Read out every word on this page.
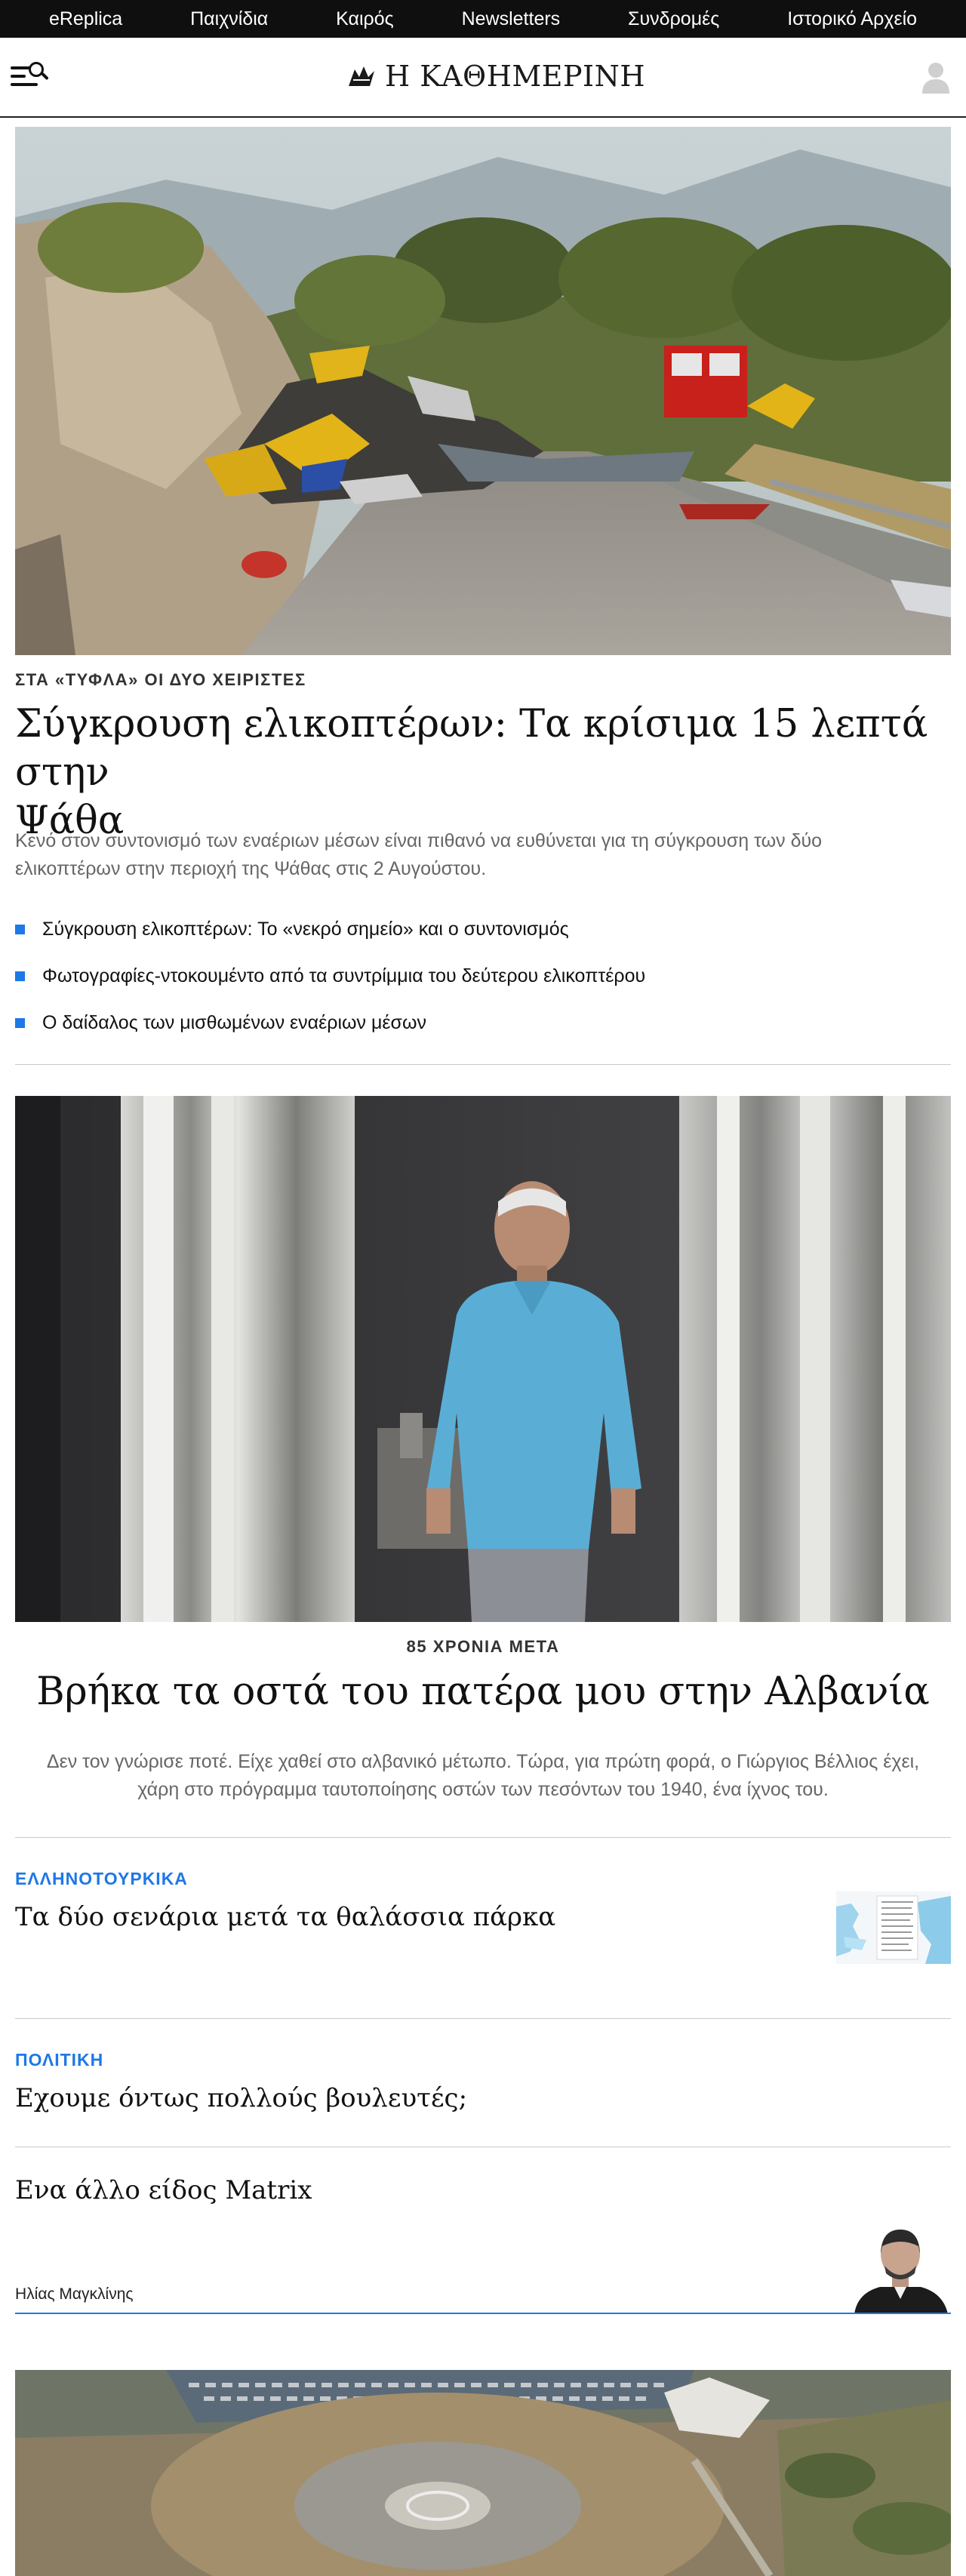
eReplica	Παιχνίδια	Καιρός	Newsletters	Συνδρομές	Ιστορικό Αρχείο
Η ΚΑΘΗΜΕΡΙΝΗ
ΣΤΑ «ΤΥΦΛΑ» ΟΙ ΔΥΟ ΧΕΙΡΙΣΤΕΣ
Σύγκρουση ελικοπτέρων: Τα κρίσιμα 15 λεπτά στην
Ψάθα
Κενό στον συντονισμό των εναέριων μέσων είναι πιθανό να ευθύνεται για τη σύγκρουση των δύο
ελικοπτέρων στην περιοχή της Ψάθας στις 2 Αυγούστου.
Σύγκρουση ελικοπτέρων: Το «νεκρό σημείο» και ο συντονισμός
Φωτογραφίες-ντοκουμέντο από τα συντρίμμια του δεύτερου ελικοπτέρου
Ο δαίδαλος των μισθωμένων εναέριων μέσων
85 ΧΡΟΝΙΑ ΜΕΤΑ
Βρήκα τα οστά του πατέρα μου στην Αλβανία
Δεν τον γνώρισε ποτέ. Είχε χαθεί στο αλβανικό μέτωπο. Τώρα, για πρώτη φορά, ο Γιώργιος Βέλλιος έχει,
χάρη στο πρόγραμμα ταυτοποίησης οστών των πεσόντων του 1940, ένα ίχνος του.
ΕΛΛΗΝΟΤΟΥΡΚΙΚΑ
Τα δύο σενάρια μετά τα θαλάσσια πάρκα
ΠΟΛΙΤΙΚΗ
Εχουμε όντως πολλούς βουλευτές;
Ενα άλλο είδος Matrix
Ηλίας Μαγκλίνης
